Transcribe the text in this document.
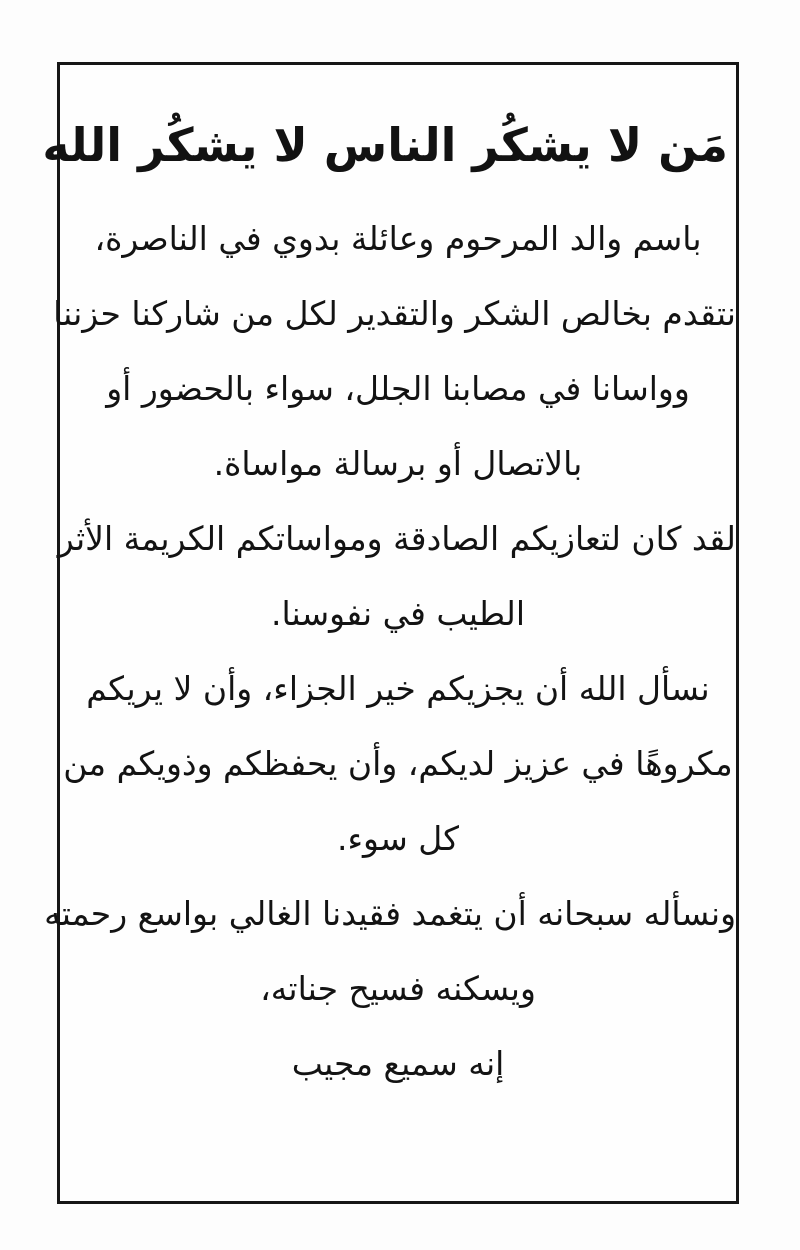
مَن لا يشكُر الناس لا يشكُر الله
باسم والد المرحوم وعائلة بدوي في الناصرة،
نتقدم بخالص الشكر والتقدير لكل من شاركنا حزننا
وواسانا في مصابنا الجلل، سواء بالحضور أو
بالاتصال أو برسالة مواساة.
لقد كان لتعازيكم الصادقة ومواساتكم الكريمة الأثر
الطيب في نفوسنا.
نسأل الله أن يجزيكم خير الجزاء، وأن لا يريكم
مكروهًا في عزيز لديكم، وأن يحفظكم وذويكم من
كل سوء.
ونسأله سبحانه أن يتغمد فقيدنا الغالي بواسع رحمته
ويسكنه فسيح جناته،
إنه سميع مجيب
